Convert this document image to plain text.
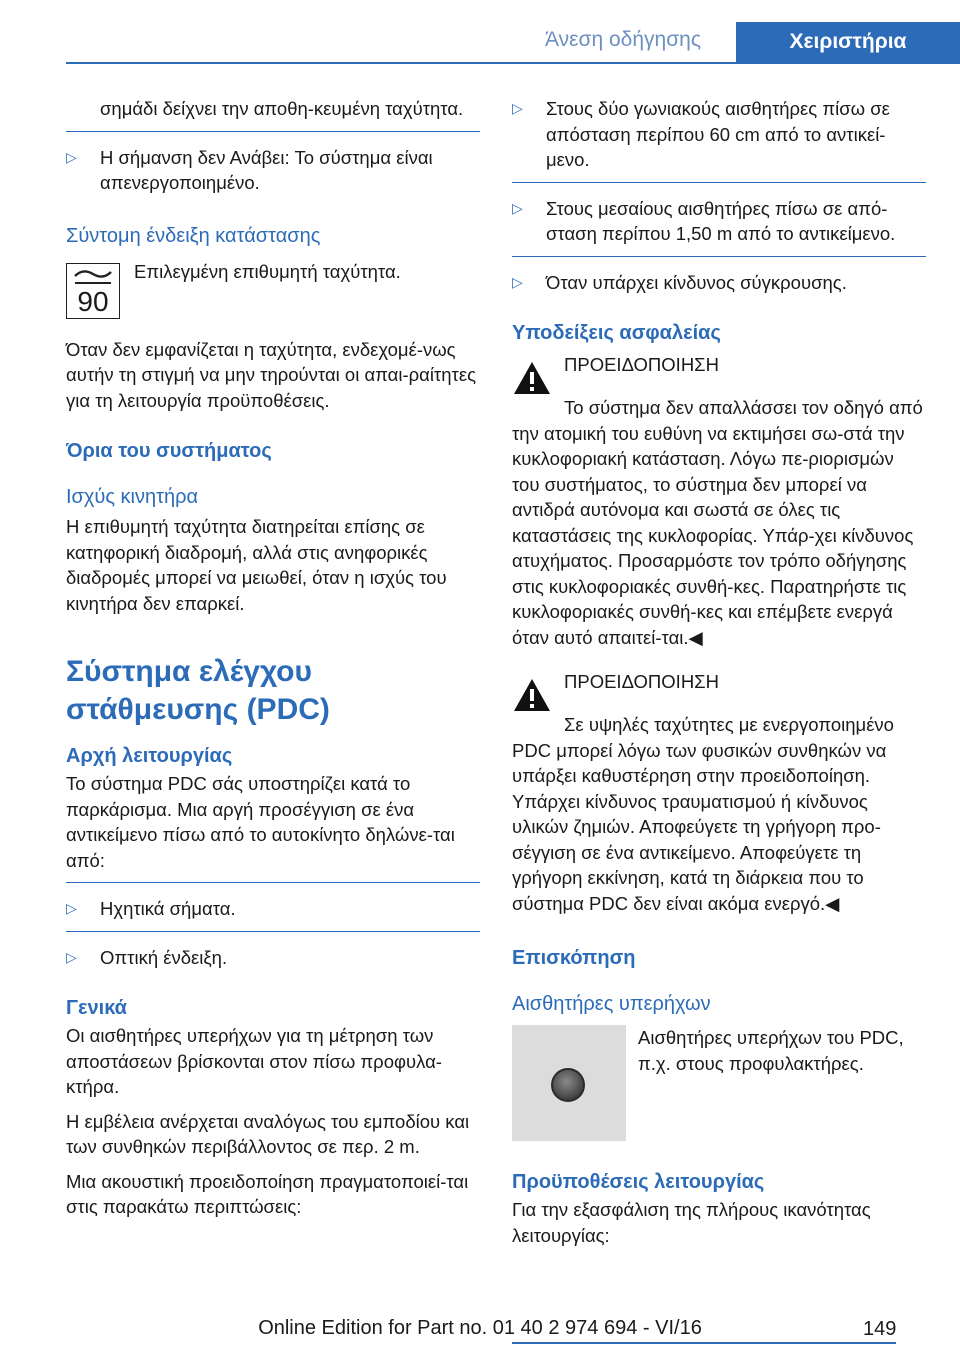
Άνεση οδήγησης	Χειριστήρια

σημάδι δείχνει την αποθη-κευμένη ταχύτητα.

▷	Η σήμανση δεν Ανάβει: Το σύστημα είναι απενεργοποιημένο.

Σύντομη ένδειξη κατάστασης

90

Επιλεγμένη επιθυμητή ταχύτητα.

Όταν δεν εμφανίζεται η ταχύτητα, ενδεχομέ-νως αυτήν τη στιγμή να μην τηρούνται οι απαι-ραίτητες για τη λειτουργία προϋποθέσεις.

Όρια του συστήματος

Ισχύς κινητήρα

Η επιθυμητή ταχύτητα διατηρείται επίσης σε κατηφορική διαδρομή, αλλά στις ανηφορικές διαδρομές μπορεί να μειωθεί, όταν η ισχύς του κινητήρα δεν επαρκεί.

Σύστημα ελέγχου

στάθμευσης (PDC)

Αρχή λειτουργίας

Το σύστημα PDC σάς υποστηρίζει κατά το παρκάρισμα. Μια αργή προσέγγιση σε ένα αντικείμενο πίσω από το αυτοκίνητο δηλώνε-ται από:

▷	Ηχητικά σήματα.
▷	Οπτική ένδειξη.

Γενικά

Οι αισθητήρες υπερήχων για τη μέτρηση των αποστάσεων βρίσκονται στον πίσω προφυλα-κτήρα.

Η εμβέλεια ανέρχεται αναλόγως του εμποδίου και των συνθηκών περιβάλλοντος σε περ. 2 m.

Μια ακουστική προειδοποίηση πραγματοποιεί-ται στις παρακάτω περιπτώσεις:

▷	Στους δύο γωνιακούς αισθητήρες πίσω σε απόσταση περίπου 60 cm από το αντικεί-μενο.
▷	Στους μεσαίους αισθητήρες πίσω σε από-σταση περίπου 1,50 m από το αντικείμενο.
▷	Όταν υπάρχει κίνδυνος σύγκρουσης.

Υποδείξεις ασφαλείας

ΠΡΟΕΙΔΟΠΟΙΗΣΗ

Το σύστημα δεν απαλλάσσει τον οδηγό από την ατομική του ευθύνη να εκτιμήσει σω-στά την κυκλοφοριακή κατάσταση. Λόγω πε-ριορισμών του συστήματος, το σύστημα δεν μπορεί να αντιδρά αυτόνομα και σωστά σε όλες τις καταστάσεις της κυκλοφορίας. Υπάρ-χει κίνδυνος ατυχήματος. Προσαρμόστε τον τρόπο οδήγησης στις κυκλοφοριακές συνθή-κες. Παρατηρήστε τις κυκλοφοριακές συνθή-κες και επέμβετε ενεργά όταν αυτό απαιτεί-ται.◀

ΠΡΟΕΙΔΟΠΟΙΗΣΗ

Σε υψηλές ταχύτητες με ενεργοποιημένο PDC μπορεί λόγω των φυσικών συνθηκών να υπάρξει καθυστέρηση στην προειδοποίηση. Υπάρχει κίνδυνος τραυματισμού ή κίνδυνος υλικών ζημιών. Αποφεύγετε τη γρήγορη προ-σέγγιση σε ένα αντικείμενο. Αποφεύγετε τη γρήγορη εκκίνηση, κατά τη διάρκεια που το σύστημα PDC δεν είναι ακόμα ενεργό.◀

Επισκόπηση

Αισθητήρες υπερήχων

Αισθητήρες υπερήχων του PDC, π.χ. στους προφυλακτήρες.

Προϋποθέσεις λειτουργίας

Για την εξασφάλιση της πλήρους ικανότητας λειτουργίας:

149
Online Edition for Part no. 01 40 2 974 694 - VI/16
